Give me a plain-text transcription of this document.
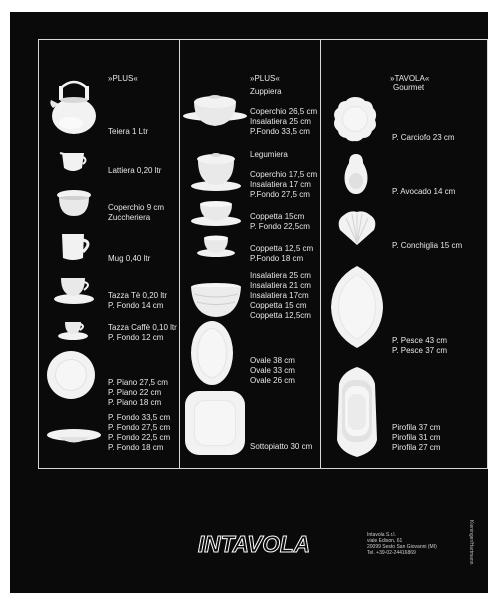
»PLUS«
Teiera 1 Ltr
Lattiera 0,20 ltr
Coperchio 9 cm
Zuccheriera
Mug 0,40 ltr
Tazza Tè 0,20 ltr
P. Fondo 14 cm
Tazza Caffè 0,10 ltr
P. Fondo 12 cm
P. Piano 27,5 cm
P. Piano 22 cm
P. Piano 18 cm
P. Fondo 33,5 cm
P. Fondo 27,5 cm
P. Fondo 22,5 cm
P. Fondo 18 cm
»PLUS«
Zuppiera
Coperchio 26,5 cm
Insalatiera 25 cm
P.Fondo 33,5 cm
Legumiera
Coperchio 17,5 cm
Insalatiera 17 cm
P.Fondo 27,5 cm
Coppetta 15cm
P. Fondo 22,5cm
Coppetta 12,5 cm
P.Fondo 18 cm
Insalatiera 25 cm
Insalatiera 21 cm
Insalatiera 17cm
Coppetta 15 cm
Coppetta 12,5cm
Ovale 38 cm
Ovale 33 cm
Ovale 26 cm
Sottopiatto 30 cm
»TAVOLA«
Gourmet
P. Carciofo 23 cm
P. Avocado 14 cm
P. Conchiglia 15 cm
P. Pesce 43 cm
P. Pesce 37 cm
Pirofila 37 cm
Pirofila 31 cm
Pirofila 27 cm
INTAVOLA	Intavola S.r.l.
viale Edison, 61
20099 Sesto San Giovanni (MI)
Tel. +39-02-24416869	Kieninger/Hartmann
